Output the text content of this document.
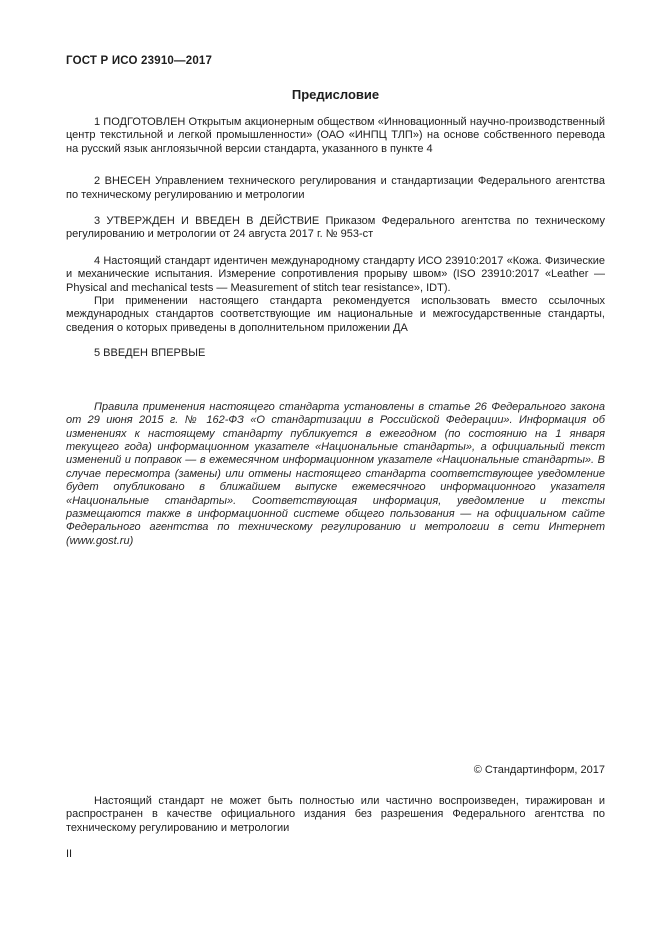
ГОСТ Р ИСО 23910—2017
Предисловие

1 ПОДГОТОВЛЕН Открытым акционерным обществом «Инновационный научно-производственный центр текстильной и легкой промышленности» (ОАО «ИНПЦ ТЛП») на основе собственного перевода на русский язык англоязычной версии стандарта, указанного в пункте 4

2 ВНЕСЕН Управлением технического регулирования и стандартизации Федерального агентства по техническому регулированию и метрологии

3 УТВЕРЖДЕН И ВВЕДЕН В ДЕЙСТВИЕ Приказом Федерального агентства по техническому регулированию и метрологии от 24 августа 2017 г. № 953-ст

4 Настоящий стандарт идентичен международному стандарту ИСО 23910:2017 «Кожа. Физические и механические испытания. Измерение сопротивления прорыву швом» (ISO 23910:2017 «Leather — Physical and mechanical tests — Measurement of stitch tear resistance», IDT).

При применении настоящего стандарта рекомендуется использовать вместо ссылочных международных стандартов соответствующие им национальные и межгосударственные стандарты, сведения о которых приведены в дополнительном приложении ДА

5 ВВЕДЕН ВПЕРВЫЕ

Правила применения настоящего стандарта установлены в статье 26 Федерального закона от 29 июня 2015 г. № 162-ФЗ «О стандартизации в Российской Федерации». Информация об изменениях к настоящему стандарту публикуется в ежегодном (по состоянию на 1 января текущего года) информационном указателе «Национальные стандарты», а официальный текст изменений и поправок — в ежемесячном информационном указателе «Национальные стандарты». В случае пересмотра (замены) или отмены настоящего стандарта соответствующее уведомление будет опубликовано в ближайшем выпуске ежемесячного информационного указателя «Национальные стандарты». Соответствующая информация, уведомление и тексты размещаются также в информационной системе общего пользования — на официальном сайте Федерального агентства по техническому регулированию и метрологии в сети Интернет (www.gost.ru)

© Стандартинформ, 2017
Настоящий стандарт не может быть полностью или частично воспроизведен, тиражирован и распространен в качестве официального издания без разрешения Федерального агентства по техническому регулированию и метрологии
II
